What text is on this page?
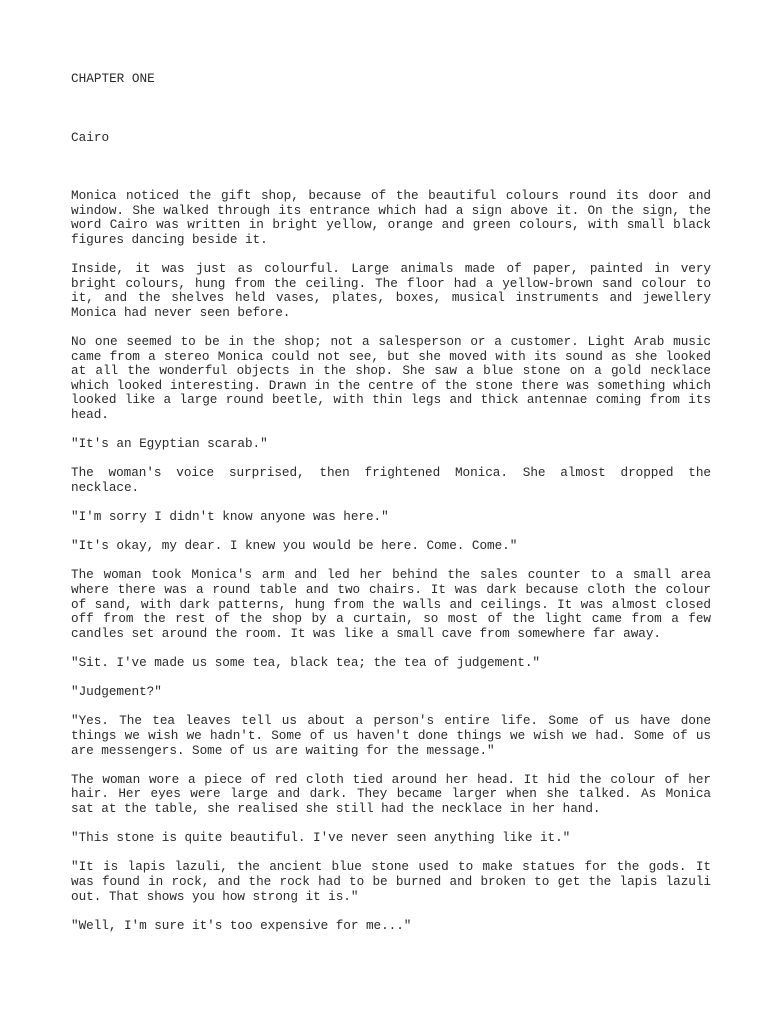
CHAPTER ONE
Cairo

Monica noticed the gift shop, because of the beautiful colours round its door and window. She walked through its entrance which had a sign above it. On the sign, the word Cairo was written in bright yellow, orange and green colours, with small black figures dancing beside it.

Inside, it was just as colourful. Large animals made of paper, painted in very bright colours, hung from the ceiling. The floor had a yellow-brown sand colour to it, and the shelves held vases, plates, boxes, musical instruments and jewellery Monica had never seen before.

No one seemed to be in the shop; not a salesperson or a customer. Light Arab music came from a stereo Monica could not see, but she moved with its sound as she looked at all the wonderful objects in the shop. She saw a blue stone on a gold necklace which looked interesting. Drawn in the centre of the stone there was something which looked like a large round beetle, with thin legs and thick antennae coming from its head.

"It's an Egyptian scarab."

The woman's voice surprised, then frightened Monica. She almost dropped the necklace.

"I'm sorry I didn't know anyone was here."

"It's okay, my dear. I knew you would be here. Come. Come."

The woman took Monica's arm and led her behind the sales counter to a small area where there was a round table and two chairs. It was dark because cloth the colour of sand, with dark patterns, hung from the walls and ceilings. It was almost closed off from the rest of the shop by a curtain, so most of the light came from a few candles set around the room. It was like a small cave from somewhere far away.

"Sit. I've made us some tea, black tea; the tea of judgement."

"Judgement?"

"Yes. The tea leaves tell us about a person's entire life. Some of us have done things we wish we hadn't. Some of us haven't done things we wish we had. Some of us are messengers. Some of us are waiting for the message."

The woman wore a piece of red cloth tied around her head. It hid the colour of her hair. Her eyes were large and dark. They became larger when she talked. As Monica sat at the table, she realised she still had the necklace in her hand.

"This stone is quite beautiful. I've never seen anything like it."

"It is lapis lazuli, the ancient blue stone used to make statues for the gods. It was found in rock, and the rock had to be burned and broken to get the lapis lazuli out. That shows you how strong it is."

"Well, I'm sure it's too expensive for me..."
